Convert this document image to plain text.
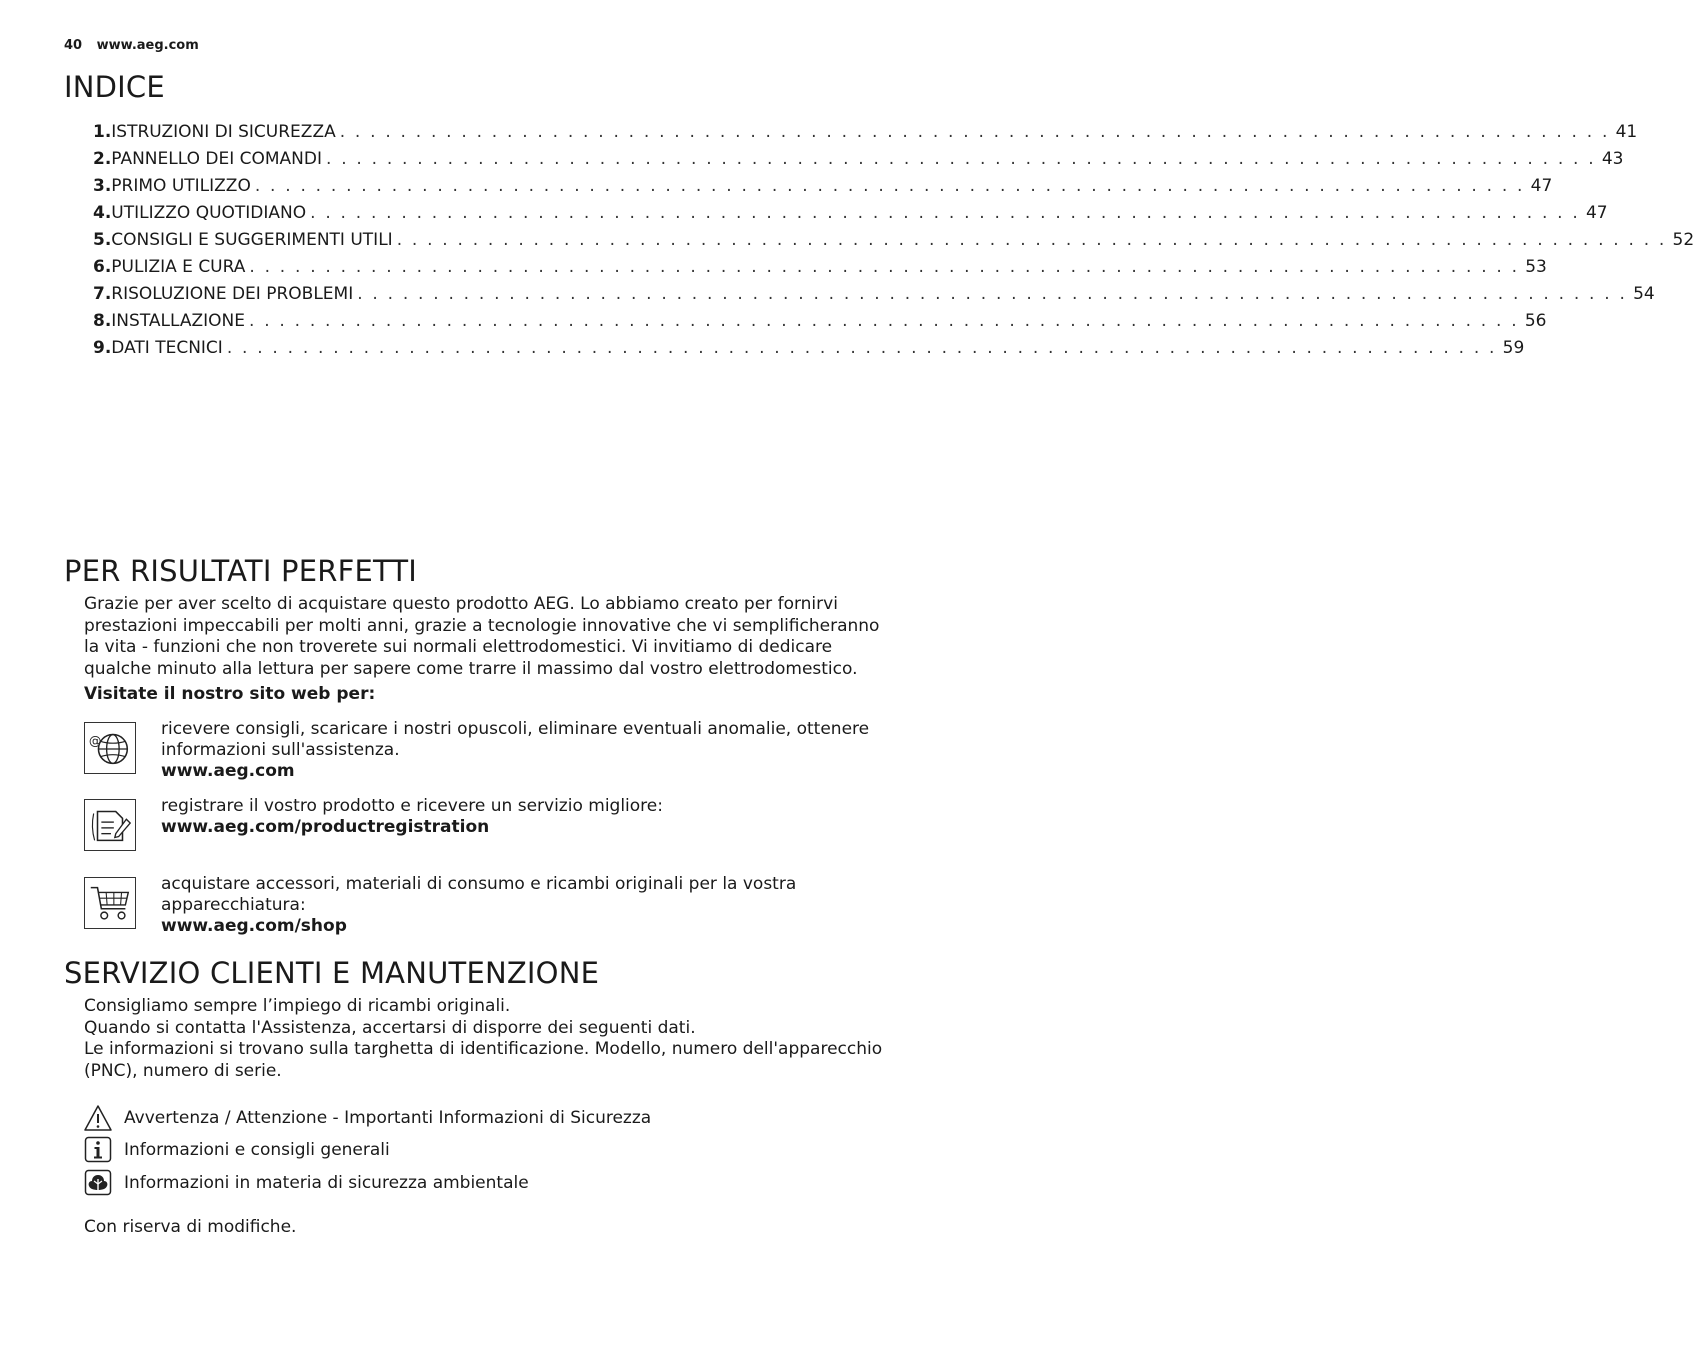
40 www.aeg.com
INDICE
1. ISTRUZIONI DI SICUREZZA . . . . . . . . . . . . . . . . . . . . . . . . . . . . . . . . . . . . . . . . . . . . . . . . . . . . . . . . . . . . . . . . . . . . . . . . . . . . . . . . . . . . 41
2. PANNELLO DEI COMANDI . . . . . . . . . . . . . . . . . . . . . . . . . . . . . . . . . . . . . . . . . . . . . . . . . . . . . . . . . . . . . . . . . . . . . . . . . . . . . . . . . . . . 43
3. PRIMO UTILIZZO . . . . . . . . . . . . . . . . . . . . . . . . . . . . . . . . . . . . . . . . . . . . . . . . . . . . . . . . . . . . . . . . . . . . . . . . . . . . . . . . . . . . 47
4. UTILIZZO QUOTIDIANO . . . . . . . . . . . . . . . . . . . . . . . . . . . . . . . . . . . . . . . . . . . . . . . . . . . . . . . . . . . . . . . . . . . . . . . . . . . . . . . . . . . . 47
5. CONSIGLI E SUGGERIMENTI UTILI . . . . . . . . . . . . . . . . . . . . . . . . . . . . . . . . . . . . . . . . . . . . . . . . . . . . . . . . . . . . . . . . . . . . . . . . . . . . . . . . . . . . 52
6. PULIZIA E CURA . . . . . . . . . . . . . . . . . . . . . . . . . . . . . . . . . . . . . . . . . . . . . . . . . . . . . . . . . . . . . . . . . . . . . . . . . . . . . . . . . . . . 53
7. RISOLUZIONE DEI PROBLEMI . . . . . . . . . . . . . . . . . . . . . . . . . . . . . . . . . . . . . . . . . . . . . . . . . . . . . . . . . . . . . . . . . . . . . . . . . . . . . . . . . . . . 54
8. INSTALLAZIONE . . . . . . . . . . . . . . . . . . . . . . . . . . . . . . . . . . . . . . . . . . . . . . . . . . . . . . . . . . . . . . . . . . . . . . . . . . . . . . . . . . . . 56
9. DATI TECNICI . . . . . . . . . . . . . . . . . . . . . . . . . . . . . . . . . . . . . . . . . . . . . . . . . . . . . . . . . . . . . . . . . . . . . . . . . . . . . . . . . . . . 59
PER RISULTATI PERFETTI
Grazie per aver scelto di acquistare questo prodotto AEG. Lo abbiamo creato per fornirvi prestazioni impeccabili per molti anni, grazie a tecnologie innovative che vi semplificheranno la vita - funzioni che non troverete sui normali elettrodomestici. Vi invitiamo di dedicare qualche minuto alla lettura per sapere come trarre il massimo dal vostro elettrodomestico.
Visitate il nostro sito web per:
@
ricevere consigli, scaricare i nostri opuscoli, eliminare eventuali anomalie, ottenere informazioni sull'assistenza.
www.aeg.com
registrare il vostro prodotto e ricevere un servizio migliore:
www.aeg.com/productregistration
acquistare accessori, materiali di consumo e ricambi originali per la vostra apparecchiatura:
www.aeg.com/shop
SERVIZIO CLIENTI E MANUTENZIONE
Consigliamo sempre l’impiego di ricambi originali.
Quando si contatta l'Assistenza, accertarsi di disporre dei seguenti dati.
Le informazioni si trovano sulla targhetta di identificazione. Modello, numero dell'apparecchio (PNC), numero di serie.
Avvertenza / Attenzione - Importanti Informazioni di Sicurezza
Informazioni e consigli generali
Informazioni in materia di sicurezza ambientale
Con riserva di modifiche.
